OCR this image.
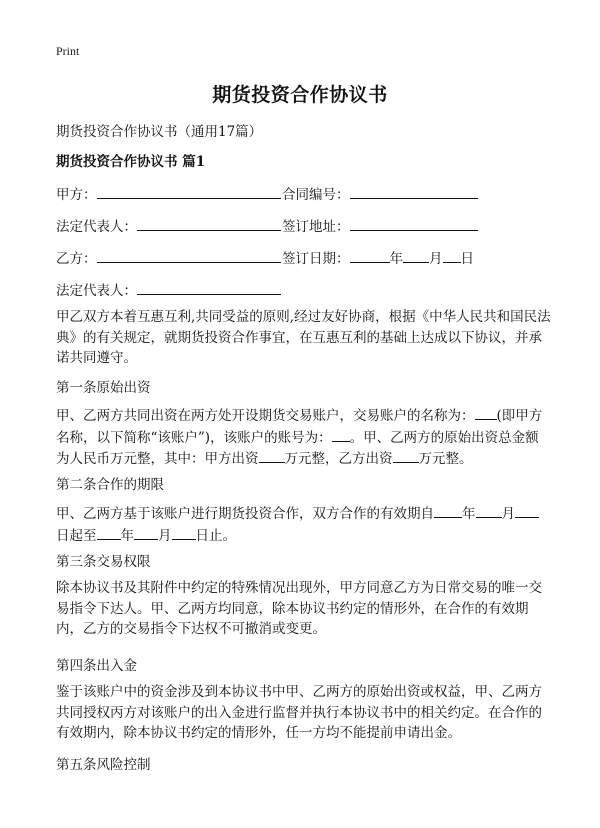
Print
期货投资合作协议书
期货投资合作协议书（通用17篇）
期货投资合作协议书 篇1
甲方：	合同编号：
法定代表人：	签订地址：
乙方：	签订日期：	年 月 日
法定代表人：

甲乙双方本着互惠互利,共同受益的原则,经过友好协商，根据《中华人民共和国民法典》的有关规定，就期货投资合作事宜，在互惠互利的基础上达成以下协议，并承诺共同遵守。

第一条原始出资

甲、乙两方共同出资在两方处开设期货交易账户，交易账户的名称为： (即甲方名称，以下简称“该账户”)，该账户的账号为： 。甲、乙两方的原始出资总金额为人民币万元整，其中：甲方出资 万元整，乙方出资 万元整。

第二条合作的期限

甲、乙两方基于该账户进行期货投资合作，双方合作的有效期自 年 月日起至 年 月 日止。

第三条交易权限

除本协议书及其附件中约定的特殊情况出现外，甲方同意乙方为日常交易的唯一交易指令下达人。甲、乙两方均同意，除本协议书约定的情形外，在合作的有效期内，乙方的交易指令下达权不可撤消或变更。

第四条出入金

鉴于该账户中的资金涉及到本协议书中甲、乙两方的原始出资或权益，甲、乙两方共同授权丙方对该账户的出入金进行监督并执行本协议书中的相关约定。在合作的有效期内，除本协议书约定的情形外，任一方均不能提前申请出金。

第五条风险控制
